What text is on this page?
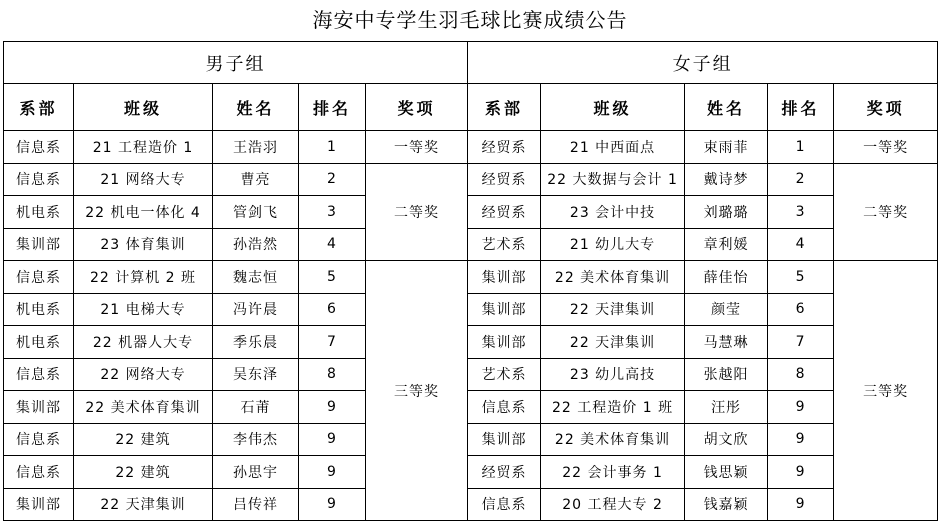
海安中专学生羽毛球比赛成绩公告
男子组					女子组				
系部	班级	姓名	排名	奖项	系部	班级	姓名	排名	奖项
信息系	21 工程造价 1	王浩羽	1	一等奖	经贸系	21 中西面点	束雨菲	1	一等奖
信息系	21 网络大专	曹亮	2	二等奖	经贸系	22 大数据与会计 1	戴诗梦	2	二等奖
机电系	22 机电一体化 4	管剑飞	3		经贸系	23 会计中技	刘璐璐	3	
集训部	23 体育集训	孙浩然	4		艺术系	21 幼儿大专	章利媛	4	
信息系	22 计算机 2 班	魏志恒	5	三等奖	集训部	22 美术体育集训	薛佳怡	5	三等奖
机电系	21 电梯大专	冯许晨	6		集训部	22 天津集训	颜莹	6	
机电系	22 机器人大专	季乐晨	7		集训部	22 天津集训	马慧琳	7	
信息系	22 网络大专	吴东泽	8		艺术系	23 幼儿高技	张越阳	8	
集训部	22 美术体育集训	石莆	9		信息系	22 工程造价 1 班	汪彤	9	
信息系	22 建筑	李伟杰	9		集训部	22 美术体育集训	胡文欣	9	
信息系	22 建筑	孙思宇	9		经贸系	22 会计事务 1	钱思颖	9	
集训部	22 天津集训	吕传祥	9		信息系	20 工程大专 2	钱嘉颖	9	
